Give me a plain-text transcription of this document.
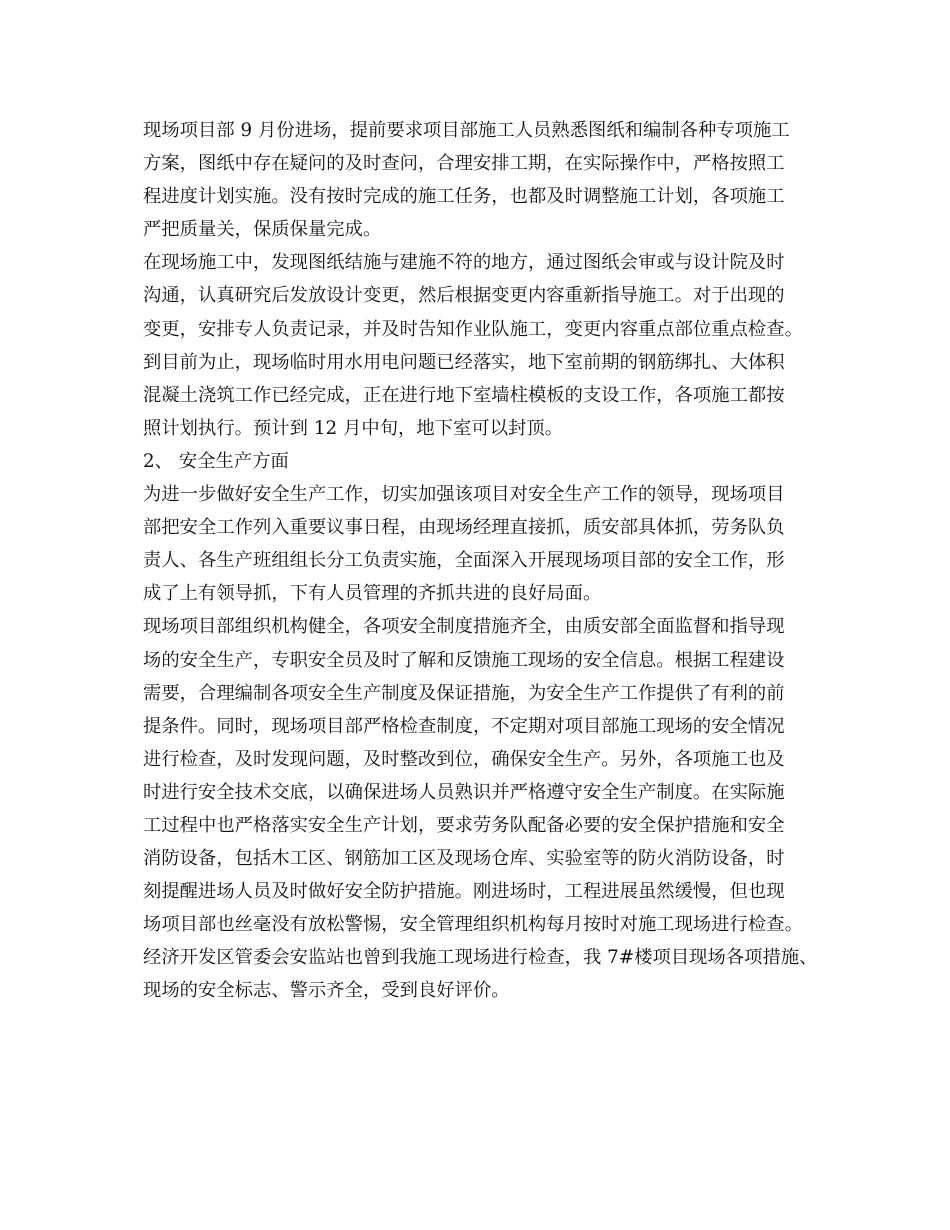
现场项目部 9 月份进场，提前要求项目部施工人员熟悉图纸和编制各种专项施工
方案，图纸中存在疑问的及时查问，合理安排工期，在实际操作中，严格按照工
程进度计划实施。没有按时完成的施工任务，也都及时调整施工计划，各项施工
严把质量关，保质保量完成。
在现场施工中，发现图纸结施与建施不符的地方，通过图纸会审或与设计院及时
沟通，认真研究后发放设计变更，然后根据变更内容重新指导施工。对于出现的
变更，安排专人负责记录，并及时告知作业队施工，变更内容重点部位重点检查。
到目前为止，现场临时用水用电问题已经落实，地下室前期的钢筋绑扎、大体积
混凝土浇筑工作已经完成，正在进行地下室墙柱模板的支设工作，各项施工都按
照计划执行。预计到 12 月中旬，地下室可以封顶。
2、 安全生产方面
为进一步做好安全生产工作，切实加强该项目对安全生产工作的领导，现场项目
部把安全工作列入重要议事日程，由现场经理直接抓，质安部具体抓，劳务队负
责人、各生产班组组长分工负责实施，全面深入开展现场项目部的安全工作，形
成了上有领导抓，下有人员管理的齐抓共进的良好局面。
现场项目部组织机构健全，各项安全制度措施齐全，由质安部全面监督和指导现
场的安全生产，专职安全员及时了解和反馈施工现场的安全信息。根据工程建设
需要，合理编制各项安全生产制度及保证措施，为安全生产工作提供了有利的前
提条件。同时，现场项目部严格检查制度，不定期对项目部施工现场的安全情况
进行检查，及时发现问题，及时整改到位，确保安全生产。另外，各项施工也及
时进行安全技术交底，以确保进场人员熟识并严格遵守安全生产制度。在实际施
工过程中也严格落实安全生产计划，要求劳务队配备必要的安全保护措施和安全
消防设备，包括木工区、钢筋加工区及现场仓库、实验室等的防火消防设备，时
刻提醒进场人员及时做好安全防护措施。刚进场时，工程进展虽然缓慢，但也现
场项目部也丝毫没有放松警惕，安全管理组织机构每月按时对施工现场进行检查。
经济开发区管委会安监站也曾到我施工现场进行检查，我 7#楼项目现场各项措施、
现场的安全标志、警示齐全，受到良好评价。
